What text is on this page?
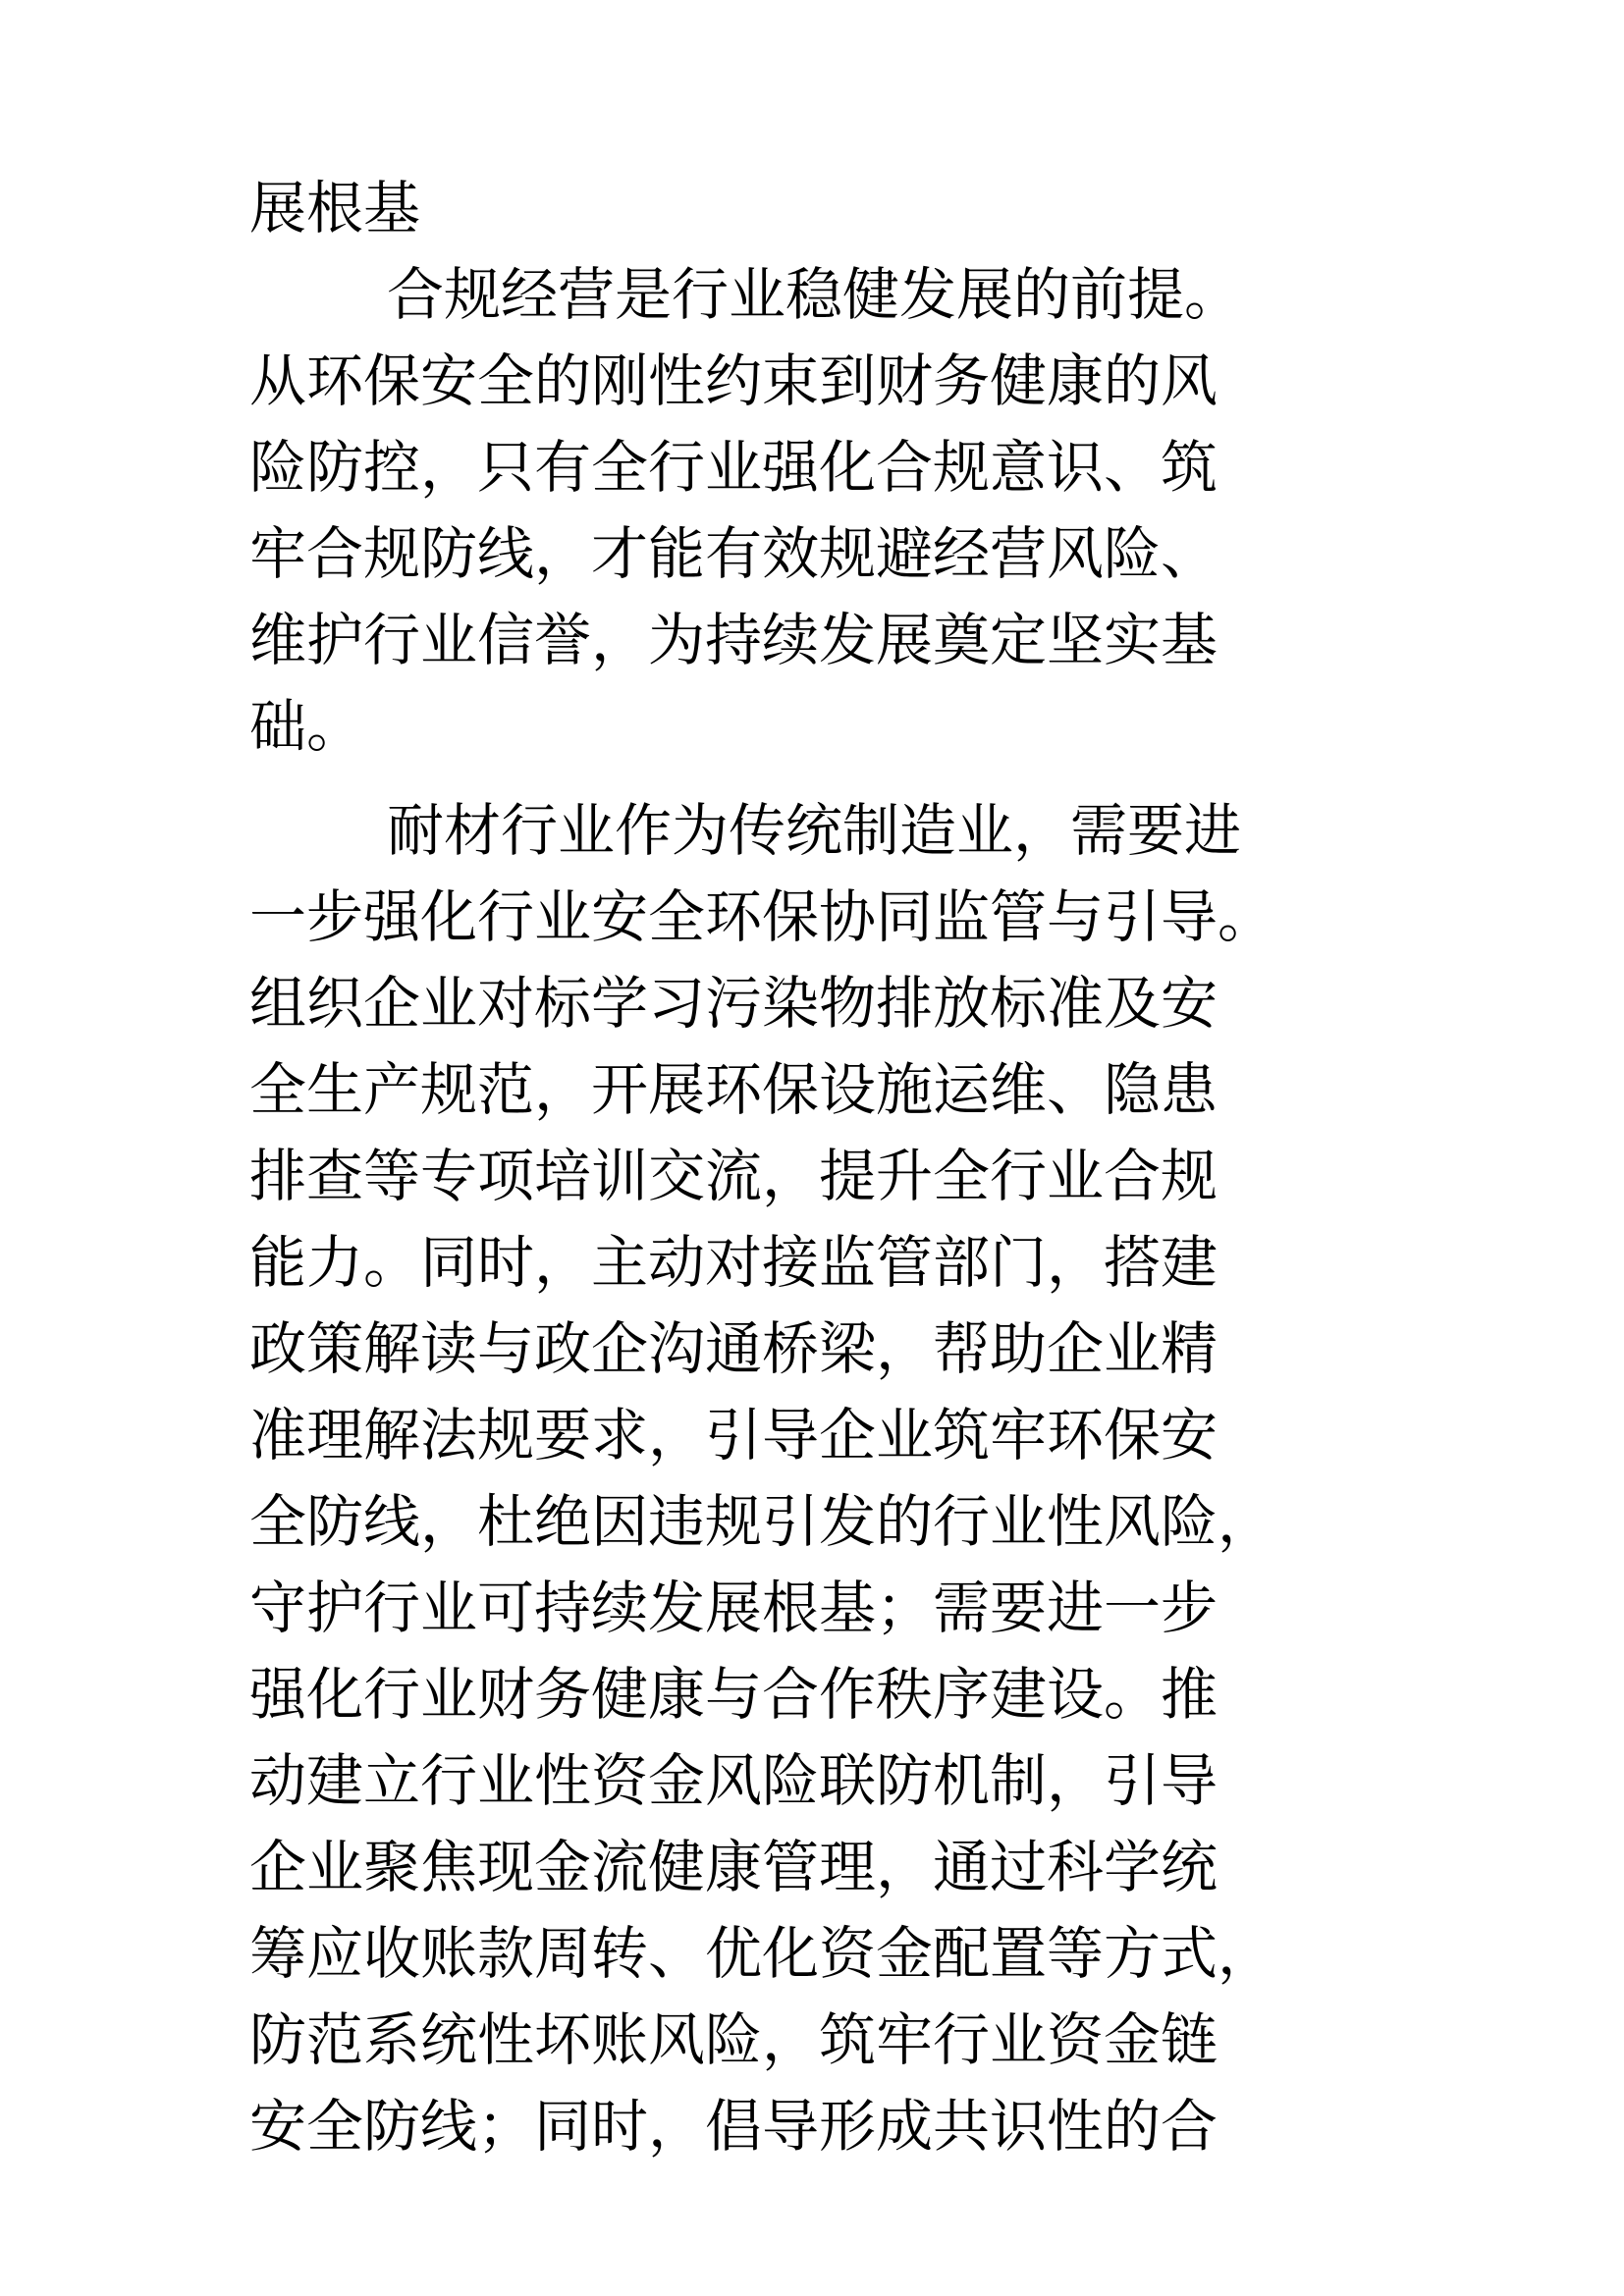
展根基
合规经营是行业稳健发展的前提。
从环保安全的刚性约束到财务健康的风
险防控，只有全行业强化合规意识、筑
牢合规防线，才能有效规避经营风险、
维护行业信誉，为持续发展奠定坚实基
础。
耐材行业作为传统制造业，需要进
一步强化行业安全环保协同监管与引导。
组织企业对标学习污染物排放标准及安
全生产规范，开展环保设施运维、隐患
排查等专项培训交流，提升全行业合规
能力。同时，主动对接监管部门，搭建
政策解读与政企沟通桥梁，帮助企业精
准理解法规要求，引导企业筑牢环保安
全防线，杜绝因违规引发的行业性风险，
守护行业可持续发展根基；需要进一步
强化行业财务健康与合作秩序建设。推
动建立行业性资金风险联防机制，引导
企业聚焦现金流健康管理，通过科学统
筹应收账款周转、优化资金配置等方式，
防范系统性坏账风险，筑牢行业资金链
安全防线；同时，倡导形成共识性的合
